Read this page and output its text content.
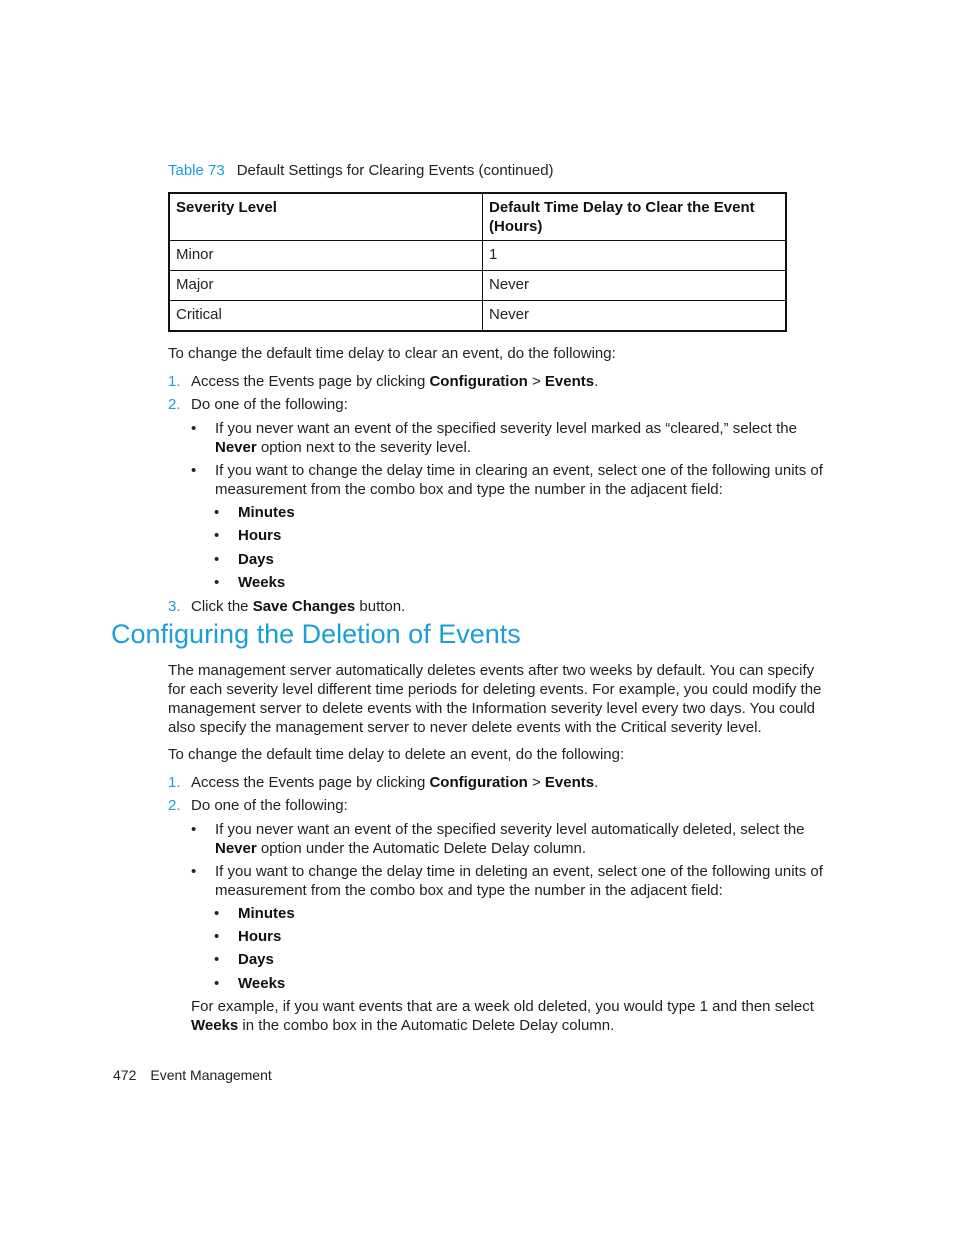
Table 73 Default Settings for Clearing Events (continued)
Severity Level	Default Time Delay to Clear the Event (Hours)
Minor	1
Major	Never
Critical	Never
To change the default time delay to clear an event, do the following:
1. Access the Events page by clicking Configuration > Events.
2. Do one of the following:
• If you never want an event of the specified severity level marked as “cleared,” select the Never option next to the severity level.
• If you want to change the delay time in clearing an event, select one of the following units of measurement from the combo box and type the number in the adjacent field:
• Minutes
• Hours
• Days
• Weeks
3. Click the Save Changes button.
Configuring the Deletion of Events
The management server automatically deletes events after two weeks by default. You can specify for each severity level different time periods for deleting events. For example, you could modify the management server to delete events with the Information severity level every two days. You could also specify the management server to never delete events with the Critical severity level.
To change the default time delay to delete an event, do the following:
1. Access the Events page by clicking Configuration > Events.
2. Do one of the following:
• If you never want an event of the specified severity level automatically deleted, select the Never option under the Automatic Delete Delay column.
• If you want to change the delay time in deleting an event, select one of the following units of measurement from the combo box and type the number in the adjacent field:
• Minutes
• Hours
• Days
• Weeks
For example, if you want events that are a week old deleted, you would type 1 and then select Weeks in the combo box in the Automatic Delete Delay column.
472 Event Management
